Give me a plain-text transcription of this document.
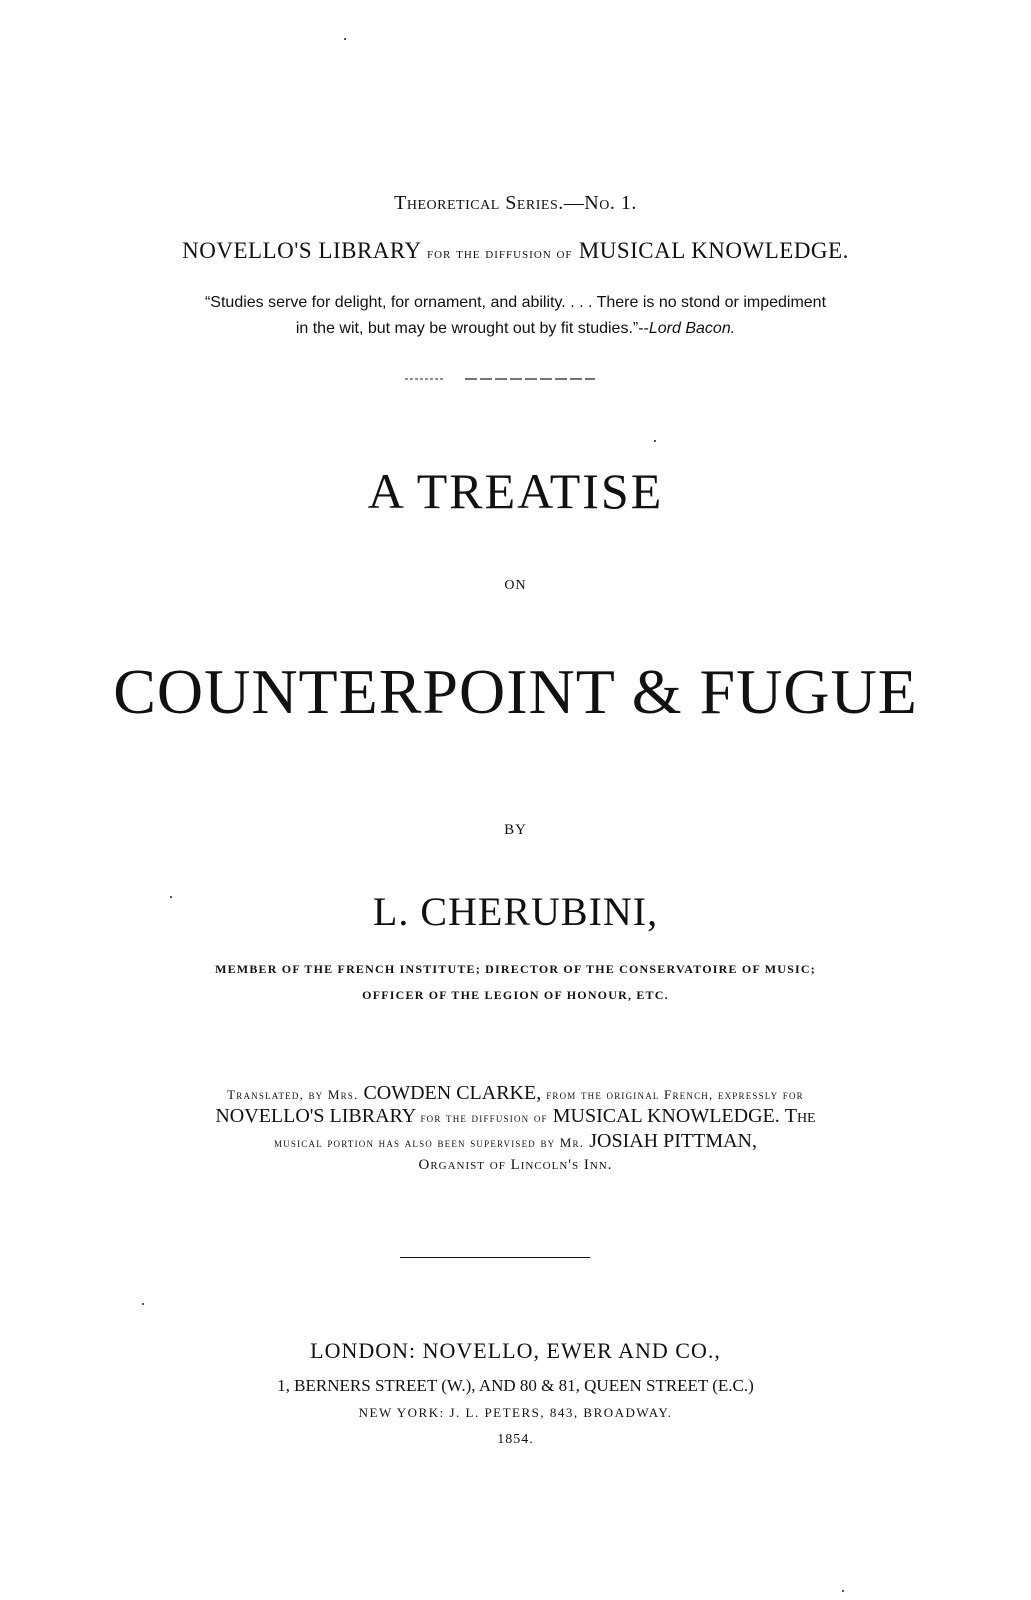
Theoretical Series.—No. 1.
NOVELLO'S LIBRARY for the diffusion of MUSICAL KNOWLEDGE.
“Studies serve for delight, for ornament, and ability. . . . There is no stond or impediment
in the wit, but may be wrought out by fit studies.”--Lord Bacon.
A TREATISE
ON
COUNTERPOINT & FUGUE
BY
L. CHERUBINI,
MEMBER OF THE FRENCH INSTITUTE; DIRECTOR OF THE CONSERVATOIRE OF MUSIC;
OFFICER OF THE LEGION OF HONOUR, ETC.
Translated, by Mrs. COWDEN CLARKE, from the original French, expressly for
NOVELLO'S LIBRARY for the diffusion of MUSICAL KNOWLEDGE. The
musical portion has also been supervised by Mr. JOSIAH PITTMAN,
Organist of Lincoln's Inn.
LONDON: NOVELLO, EWER AND CO.,
1, BERNERS STREET (W.), AND 80 & 81, QUEEN STREET (E.C.)
NEW YORK: J. L. PETERS, 843, BROADWAY.
1854.
